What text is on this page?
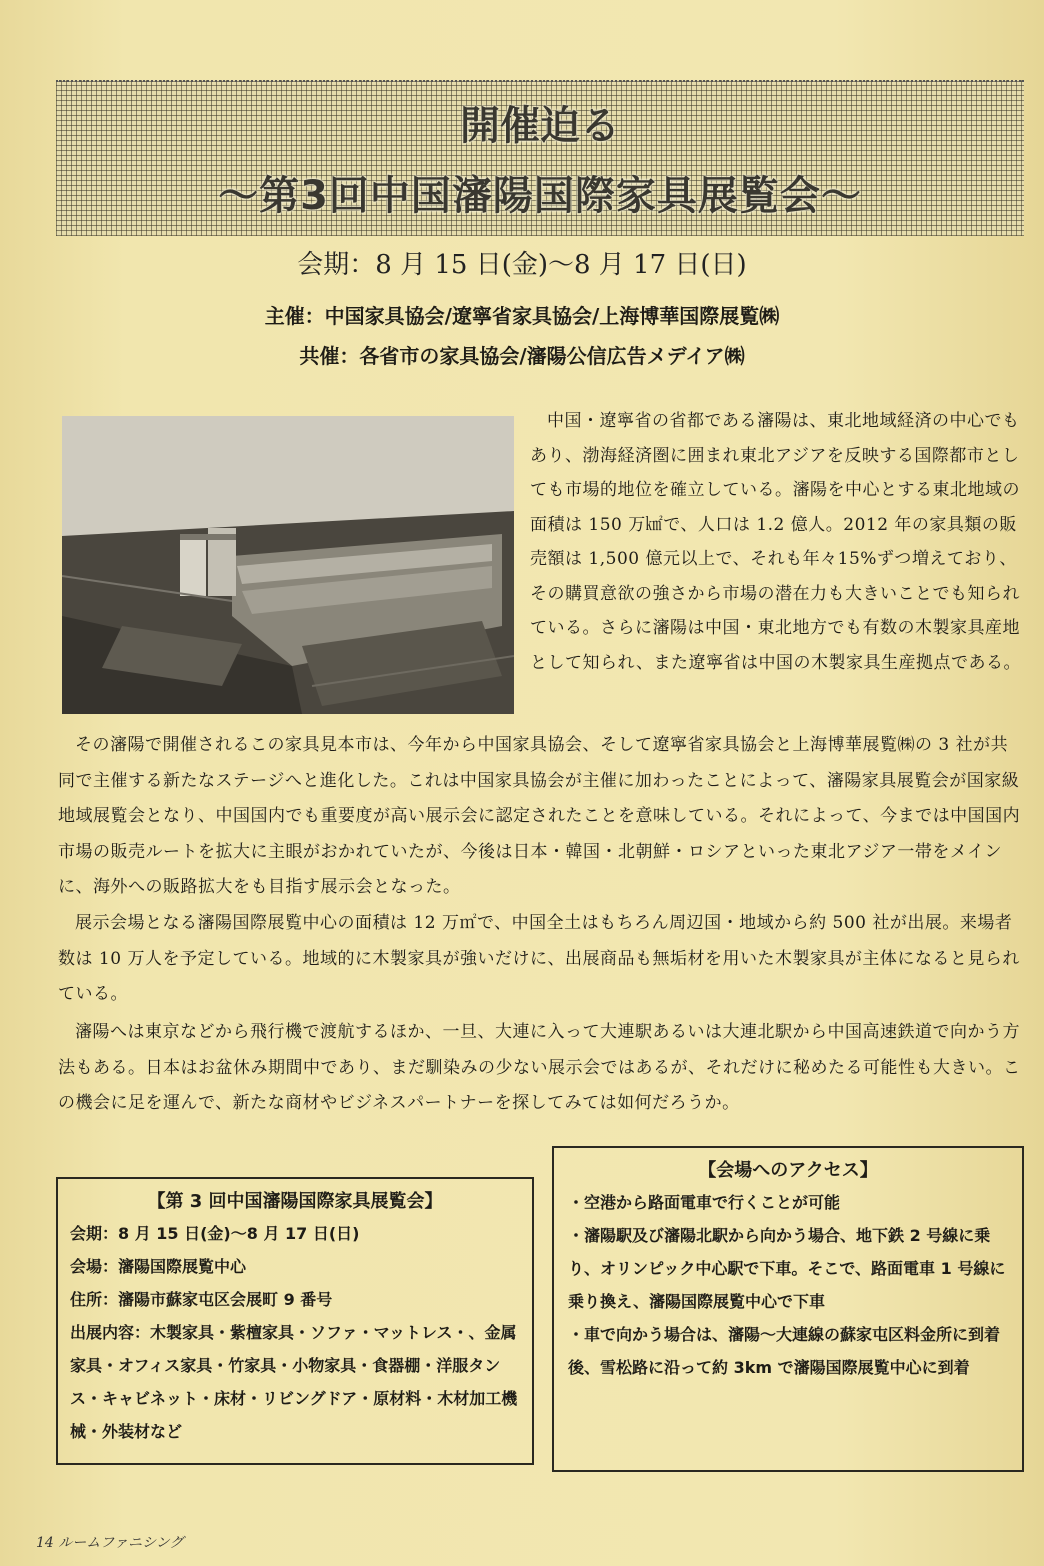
開催迫る
〜第3回中国瀋陽国際家具展覧会〜
会期：8 月 15 日(金)〜8 月 17 日(日)
主催：中国家具協会/遼寧省家具協会/上海博華国際展覧㈱
共催：各省市の家具協会/瀋陽公信広告メデイア㈱

中国・遼寧省の省都である瀋陽は、東北地域経済の中心でもあり、渤海経済圏に囲まれ東北アジアを反映する国際都市としても市場的地位を確立している。瀋陽を中心とする東北地域の面積は 150 万㎢で、人口は 1.2 億人。2012 年の家具類の販売額は 1,500 億元以上で、それも年々15%ずつ増えており、その購買意欲の強さから市場の潜在力も大きいことでも知られている。さらに瀋陽は中国・東北地方でも有数の木製家具産地として知られ、また遼寧省は中国の木製家具生産拠点である。

その瀋陽で開催されるこの家具見本市は、今年から中国家具協会、そして遼寧省家具協会と上海博華展覧㈱の 3 社が共同で主催する新たなステージへと進化した。これは中国家具協会が主催に加わったことによって、瀋陽家具展覧会が国家級地域展覧会となり、中国国内でも重要度が高い展示会に認定されたことを意味している。それによって、今までは中国国内市場の販売ルートを拡大に主眼がおかれていたが、今後は日本・韓国・北朝鮮・ロシアといった東北アジア一帯をメインに、海外への販路拡大をも目指す展示会となった。

展示会場となる瀋陽国際展覧中心の面積は 12 万㎡で、中国全土はもちろん周辺国・地域から約 500 社が出展。来場者数は 10 万人を予定している。地域的に木製家具が強いだけに、出展商品も無垢材を用いた木製家具が主体になると見られている。

瀋陽へは東京などから飛行機で渡航するほか、一旦、大連に入って大連駅あるいは大連北駅から中国高速鉄道で向かう方法もある。日本はお盆休み期間中であり、まだ馴染みの少ない展示会ではあるが、それだけに秘めたる可能性も大きい。この機会に足を運んで、新たな商材やビジネスパートナーを探してみては如何だろうか。

【第 3 回中国瀋陽国際家具展覧会】

会期：8 月 15 日(金)〜8 月 17 日(日)

会場：瀋陽国際展覧中心

住所：瀋陽市蘇家屯区会展町 9 番号

出展内容：木製家具・紫檀家具・ソファ・マットレス・、金属家具・オフィス家具・竹家具・小物家具・食器棚・洋服タンス・キャビネット・床材・リビングドア・原材料・木材加工機械・外装材など

【会場へのアクセス】

・空港から路面電車で行くことが可能

・瀋陽駅及び瀋陽北駅から向かう場合、地下鉄 2 号線に乗り、オリンピック中心駅で下車。そこで、路面電車 1 号線に乗り換え、瀋陽国際展覧中心で下車

・車で向かう場合は、瀋陽〜大連線の蘇家屯区料金所に到着後、雪松路に沿って約 3km で瀋陽国際展覧中心に到着

14 ルームファニシング
